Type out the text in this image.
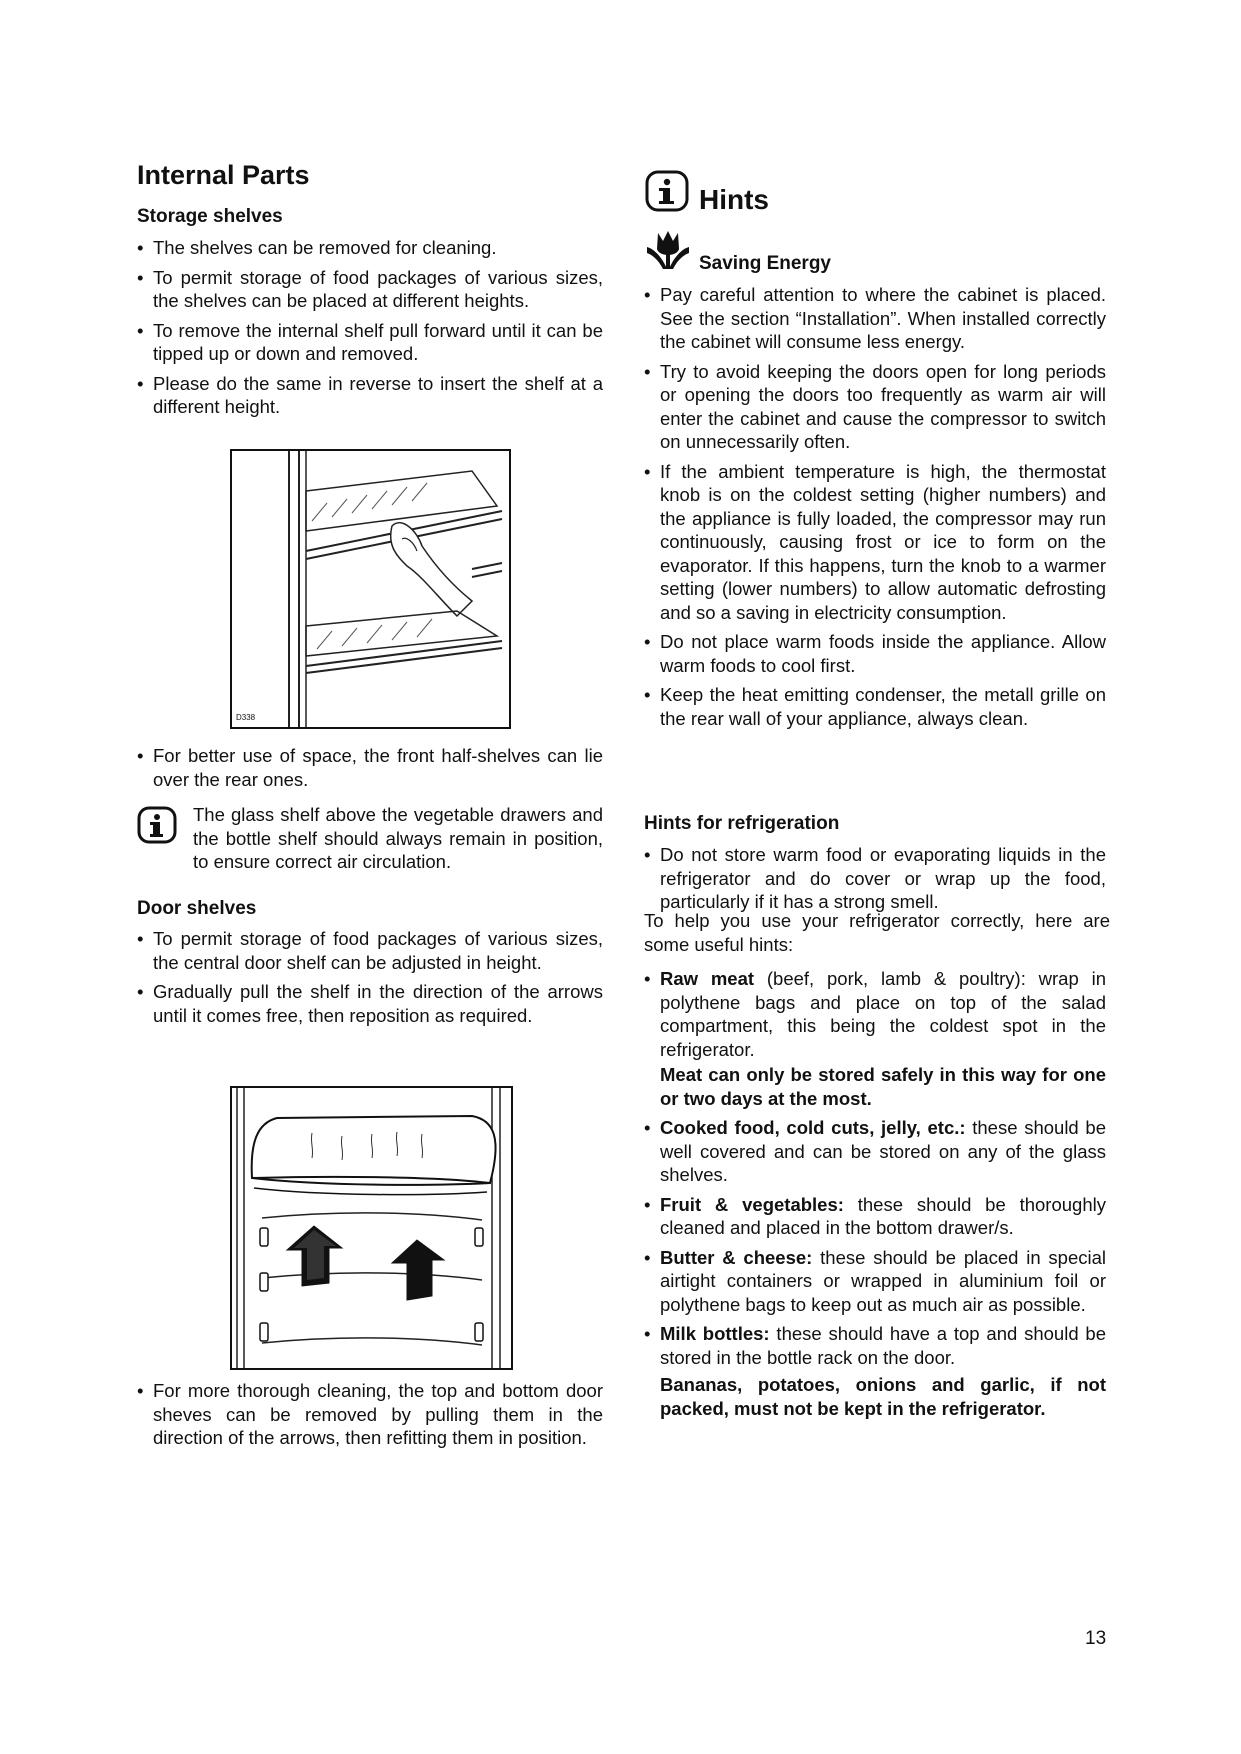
Internal Parts
Storage shelves
• The shelves can be removed for cleaning.
• To permit storage of food packages of various sizes, the shelves can be placed at different heights.
• To remove the internal shelf pull forward until it can be tipped up or down and removed.
• Please do the same in reverse to insert the shelf at a different height.
D338
• For better use of space, the front half-shelves can lie over the rear ones.

The glass shelf above the vegetable drawers and the bottle shelf should always remain in position, to ensure correct air circulation.

Door shelves
• To permit storage of food packages of various sizes, the central door shelf can be adjusted in height.
• Gradually pull the shelf in the direction of the arrows until it comes free, then reposition as required.
• For more thorough cleaning, the top and bottom door sheves can be removed by pulling them in the direction of the arrows, then refitting them in position.
Hints
Saving Energy
• Pay careful attention to where the cabinet is placed. See the section “Installation”. When installed correctly the cabinet will consume less energy.
• Try to avoid keeping the doors open for long periods or opening the doors too frequently as warm air will enter the cabinet and cause the compressor to switch on unnecessarily often.
• If the ambient temperature is high, the thermostat knob is on the coldest setting (higher numbers) and the appliance is fully loaded, the compressor may run continuously, causing frost or ice to form on the evaporator. If this happens, turn the knob to a warmer setting (lower numbers) to allow automatic defrosting and so a saving in electricity consumption.
• Do not place warm foods inside the appliance. Allow warm foods to cool first.
• Keep the heat emitting condenser, the metall grille on the rear wall of your appliance, always clean.
Hints for refrigeration
• Do not store warm food or evaporating liquids in the refrigerator and do cover or wrap up the food, particularly if it has a strong smell.

To help you use your refrigerator correctly, here are some useful hints:

• Raw meat (beef, pork, lamb & poultry): wrap in polythene bags and place on top of the salad compartment, this being the coldest spot in the refrigerator.
Meat can only be stored safely in this way for one or two days at the most.
• Cooked food, cold cuts, jelly, etc.: these should be well covered and can be stored on any of the glass shelves.
• Fruit & vegetables: these should be thoroughly cleaned and placed in the bottom drawer/s.
• Butter & cheese: these should be placed in special airtight containers or wrapped in aluminium foil or polythene bags to keep out as much air as possible.
• Milk bottles: these should have a top and should be stored in the bottle rack on the door.
Bananas, potatoes, onions and garlic, if not packed, must not be kept in the refrigerator.
13
